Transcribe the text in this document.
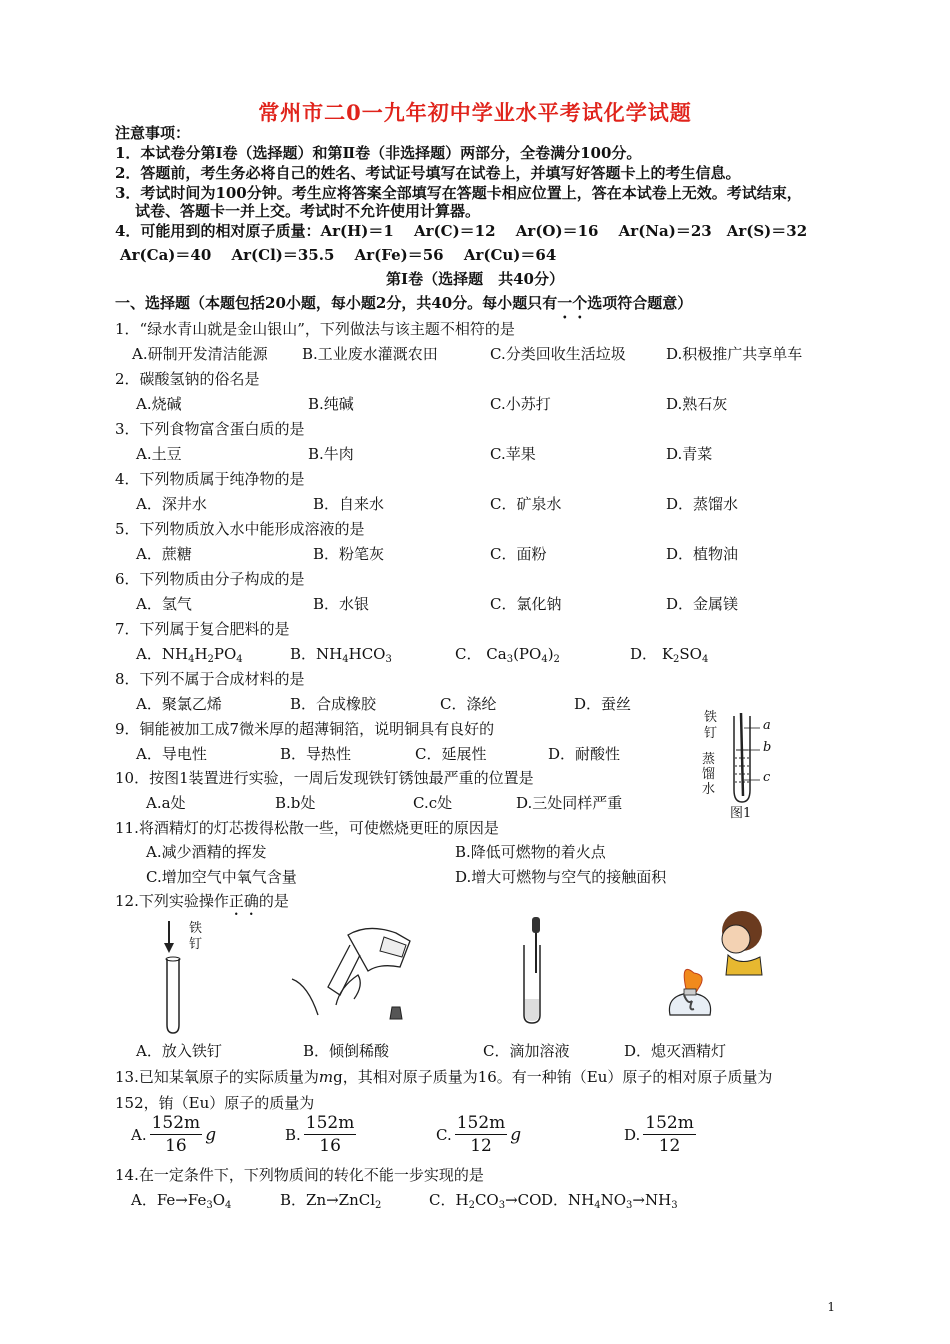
常州市二0一九年初中学业水平考试化学试题
注意事项：
1．本试卷分第Ⅰ卷（选择题）和第Ⅱ卷（非选择题）两部分，全卷满分100分。
2．答题前，考生务必将自己的姓名、考试证号填写在试卷上，并填写好答题卡上的考生信息。
3．考试时间为100分钟。考生应将答案全部填写在答题卡相应位置上，答在本试卷上无效。考试结束，
试卷、答题卡一并上交。考试时不允许使用计算器。
4．可能用到的相对原子质量：Ar(H)＝1　 Ar(C)＝12　 Ar(O)＝16　 Ar(Na)＝23　Ar(S)＝32
Ar(Ca)＝40　 Ar(Cl)＝35.5　 Ar(Fe)＝56　 Ar(Cu)＝64
第Ⅰ卷（选择题　共40分）
一、选择题（本题包括20小题，每小题2分，共40分。每小题只有一个选项符合题意）
1．“绿水青山就是金山银山”，下列做法与该主题不相符的是
A.研制开发清洁能源 B.工业废水灌溉农田	C.分类回收生活垃圾	D.积极推广共享单车
2．碳酸氢钠的俗名是
A.烧碱	B.纯碱	C.小苏打	D.熟石灰
3．下列食物富含蛋白质的是
A.土豆	B.牛肉	C.苹果	D.青菜
4．下列物质属于纯净物的是
A．深井水	B．自来水	C．矿泉水	D．蒸馏水
5．下列物质放入水中能形成溶液的是
A．蔗糖	B．粉笔灰	C．面粉	D．植物油
6．下列物质由分子构成的是
A．氢气	B．水银	C．氯化钠	D．金属镁
7．下列属于复合肥料的是
A．$NH_4H_2PO_4$	B．$NH_4HCO_3$	C． $Ca_3(PO_4)_2$	D． $K_2SO_4$
8．下列不属于合成材料的是
A．聚氯乙烯	B．合成橡胶	C．涤纶	D．蚕丝
9．铜能被加工成7微米厚的超薄铜箔，说明铜具有良好的
A．导电性	B．导热性	C．延展性	D．耐酸性
铁
钉
蒸
馏
水
a
b
c
图1
10．按图1装置进行实验，一周后发现铁钉锈蚀最严重的位置是
A.a处	B.b处	C.c处	D.三处同样严重
11.将酒精灯的灯芯拨得松散一些，可使燃烧更旺的原因是
A.减少酒精的挥发	B.降低可燃物的着火点
C.增加空气中氧气含量	D.增大可燃物与空气的接触面积
12.下列实验操作正确的是
铁
钉
A．放入铁钉	B．倾倒稀酸	C．滴加溶液	D．熄灭酒精灯
13.已知某氧原子的实际质量为mg，其相对原子质量为16。有一种铕（Eu）原子的相对原子质量为
152，铕（Eu）原子的质量为
A. $\frac{152m}{16}$ g	B. $\frac{152m}{16}$	C. $\frac{152m}{12}$ g	D. $\frac{152m}{12}$
14.在一定条件下，下列物质间的转化不能一步实现的是
A．$Fe\to Fe_3O_4$	B．Zn→ZnCl$_2$	C．$H_2CO_3\to CO$ D．$NH_4NO_3\to NH_3$
1
